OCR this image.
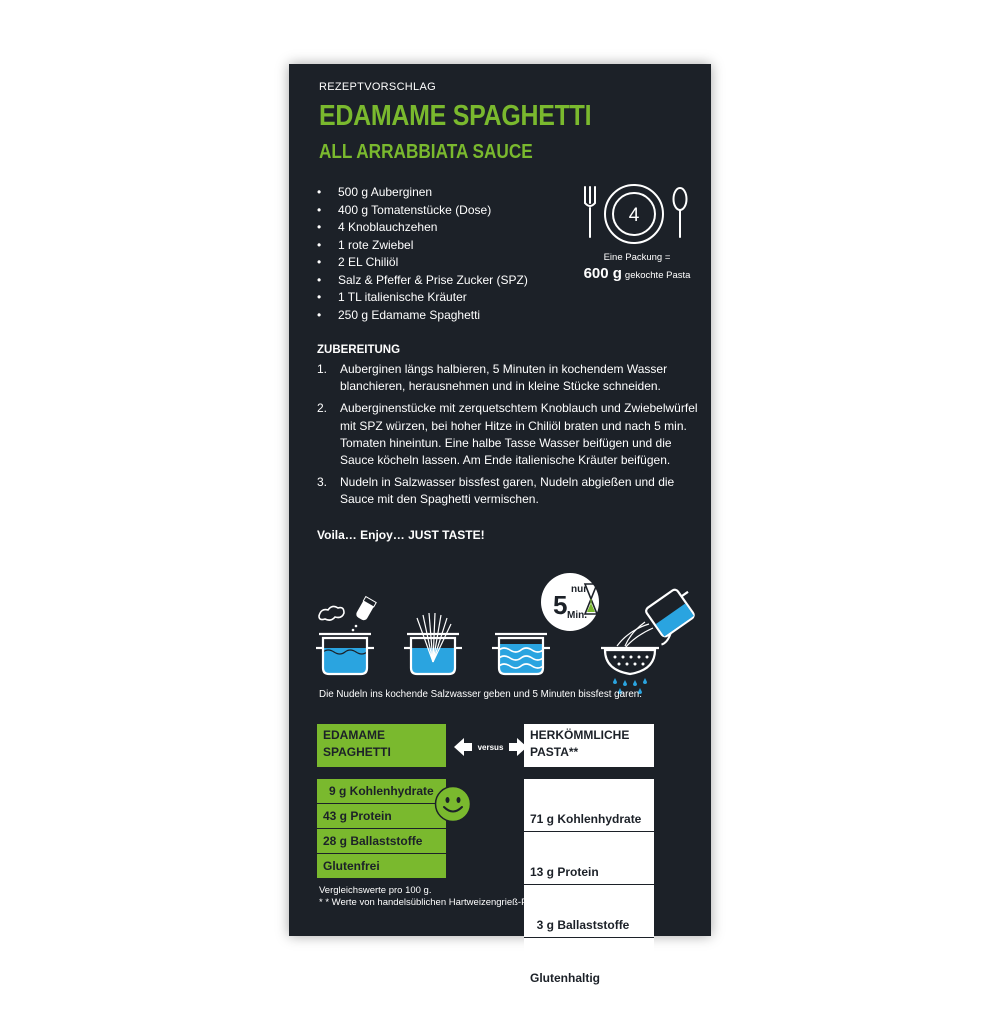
REZEPTVORSCHLAG
EDAMAME SPAGHETTI
ALL ARRABBIATA SAUCE
• 500 g Auberginen
• 400 g Tomatenstücke (Dose)
• 4 Knoblauchzehen
• 1 rote Zwiebel
• 2 EL Chiliöl
• Salz & Pfeffer & Prise Zucker (SPZ)
• 1 TL italienische Kräuter
• 250 g Edamame Spaghetti
4
Eine Packung =
600 g gekochte Pasta
ZUBEREITUNG
1. Auberginen längs halbieren, 5 Minuten in kochendem Wasser blanchieren, herausnehmen und in kleine Stücke schneiden.
2. Auberginenstücke mit zerquetschtem Knoblauch und Zwiebelwürfel mit SPZ würzen, bei hoher Hitze in Chiliöl braten und nach 5 min. Tomaten hineintun. Eine halbe Tasse Wasser beifügen und die Sauce köcheln lassen. Am Ende italienische Kräuter beifügen.
3. Nudeln in Salzwasser bissfest garen, Nudeln abgießen und die Sauce mit den Spaghetti vermischen.
Voila… Enjoy… JUST TASTE!
5
nur
Min.
Die Nudeln ins kochende Salzwasser geben und 5 Minuten bissfest garen.
EDAMAME
SPAGHETTI	versus
HERKÖMMLICHE
PASTA**
9 g Kohlenhydrate
43 g Protein
28 g Ballaststoffe
Glutenfrei

71 g Kohlenhydrate

13 g Protein

3 g Ballaststoffe

Glutenhaltig

Vergleichswerte pro 100 g.
* * Werte von handelsüblichen Hartweizengrieß-Pasta.
